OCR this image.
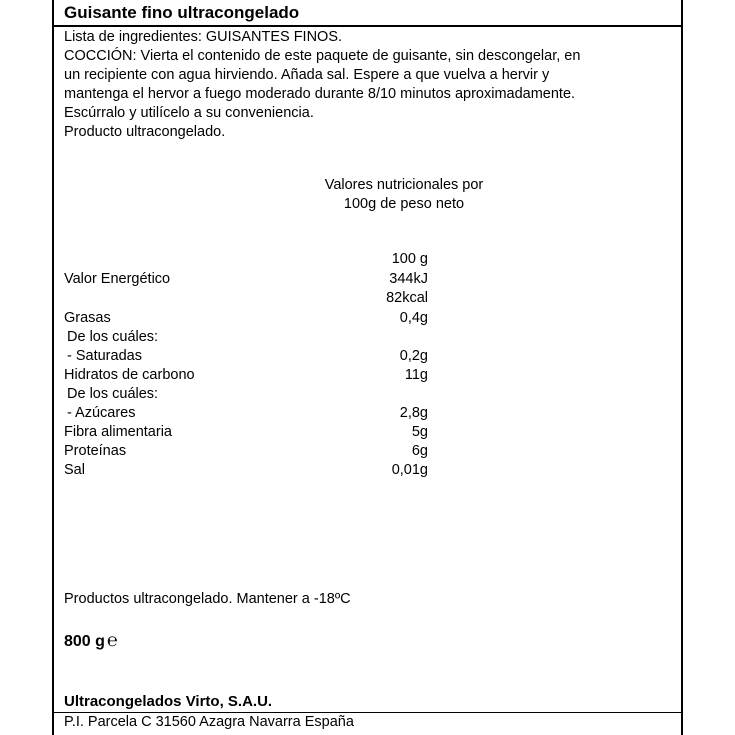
Guisante fino ultracongelado
Lista de ingredientes: GUISANTES FINOS.
COCCIÓN: Vierta el contenido de este paquete de guisante, sin descongelar, en
un recipiente con agua hirviendo. Añada sal. Espere a que vuelva a hervir y
mantenga el hervor a fuego moderado durante 8/10 minutos aproximadamente.
Escúrralo y utilícelo a su conveniencia.
Producto ultracongelado.
Valores nutricionales por
100g de peso neto
100 g
Valor Energético	344kJ
82kcal
Grasas	0,4g
De los cuáles:
- Saturadas	0,2g
Hidratos de carbono	11g
De los cuáles:
- Azúcares	2,8g
Fibra alimentaria	5g
Proteínas	6g
Sal	0,01g
Productos ultracongelado. Mantener a -18ºC
800 g ℮
Ultracongelados Virto, S.A.U.
P.I. Parcela C 31560 Azagra Navarra España
